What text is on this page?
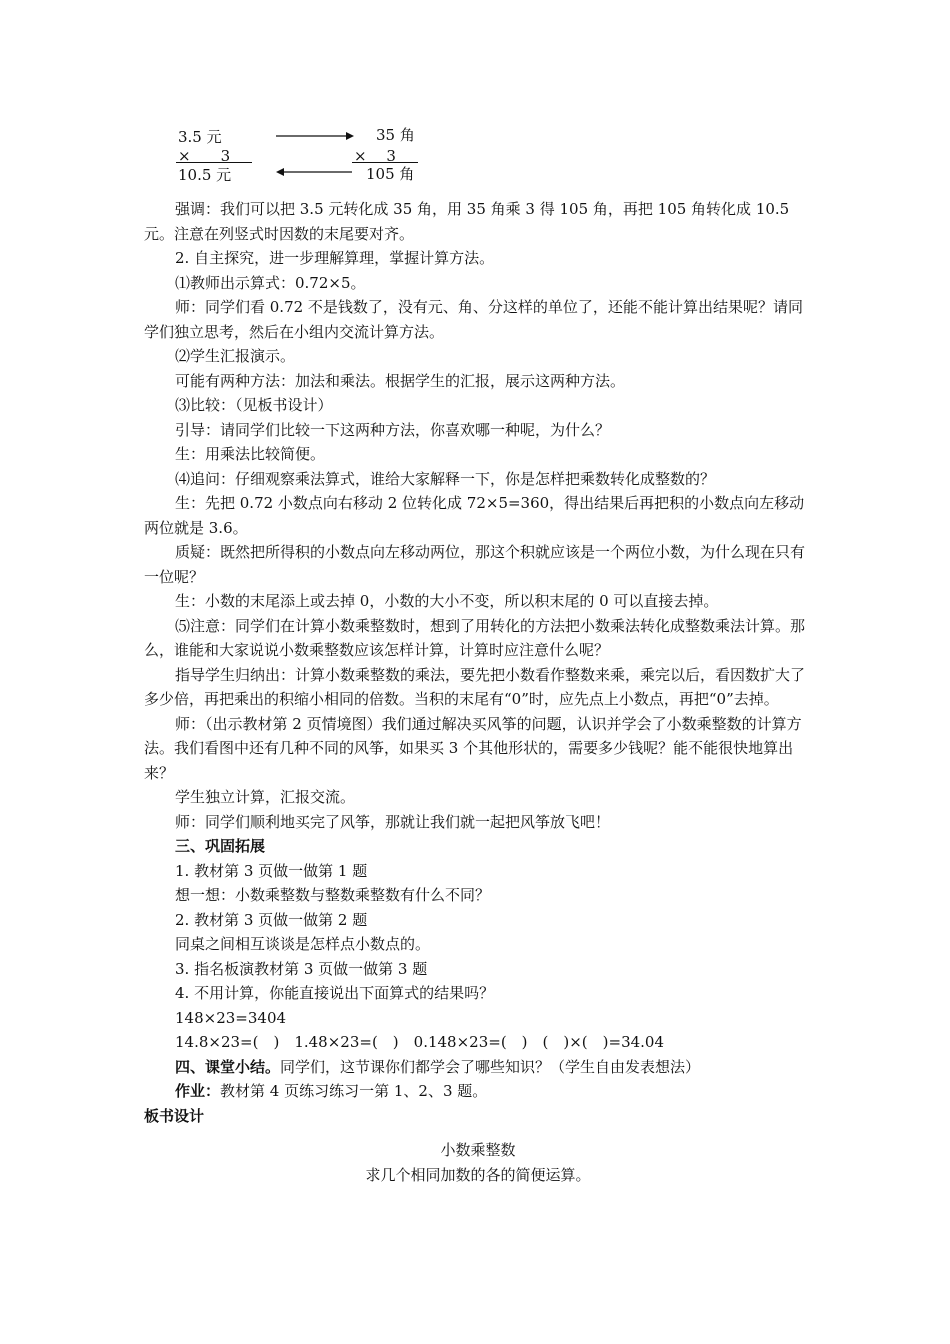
3.5 元
×　　3
10.5 元
35 角
×　 3
105 角

强调：我们可以把 3.5 元转化成 35 角，用 35 角乘 3 得 105 角，再把 105 角转化成 10.5 元。注意在列竖式时因数的末尾要对齐。

2. 自主探究，进一步理解算理，掌握计算方法。

⑴教师出示算式：0.72×5。

师：同学们看 0.72 不是钱数了，没有元、角、分这样的单位了，还能不能计算出结果呢？请同学们独立思考，然后在小组内交流计算方法。

⑵学生汇报演示。

可能有两种方法：加法和乘法。根据学生的汇报，展示这两种方法。

⑶比较：（见板书设计）

引导：请同学们比较一下这两种方法，你喜欢哪一种呢，为什么？

生：用乘法比较简便。

⑷追问：仔细观察乘法算式，谁给大家解释一下，你是怎样把乘数转化成整数的？

生：先把 0.72 小数点向右移动 2 位转化成 72×5=360，得出结果后再把积的小数点向左移动两位就是 3.6。

质疑：既然把所得积的小数点向左移动两位，那这个积就应该是一个两位小数，为什么现在只有一位呢？

生：小数的末尾添上或去掉 0，小数的大小不变，所以积末尾的 0 可以直接去掉。

⑸注意：同学们在计算小数乘整数时，想到了用转化的方法把小数乘法转化成整数乘法计算。那么，谁能和大家说说小数乘整数应该怎样计算，计算时应注意什么呢？

指导学生归纳出：计算小数乘整数的乘法，要先把小数看作整数来乘，乘完以后，看因数扩大了多少倍，再把乘出的积缩小相同的倍数。当积的末尾有“0”时，应先点上小数点，再把“0”去掉。

师：（出示教材第 2 页情境图）我们通过解决买风筝的问题，认识并学会了小数乘整数的计算方法。我们看图中还有几种不同的风筝，如果买 3 个其他形状的，需要多少钱呢？能不能很快地算出来？

学生独立计算，汇报交流。

师：同学们顺利地买完了风筝，那就让我们就一起把风筝放飞吧！

三、巩固拓展

1. 教材第 3 页做一做第 1 题

想一想：小数乘整数与整数乘整数有什么不同？

2. 教材第 3 页做一做第 2 题

同桌之间相互谈谈是怎样点小数点的。

3. 指名板演教材第 3 页做一做第 3 题

4. 不用计算，你能直接说出下面算式的结果吗？

148×23=3404

14.8×23=(　)　1.48×23=(　)　0.148×23=(　)　(　)×(　)=34.04

四、课堂小结。同学们，这节课你们都学会了哪些知识？（学生自由发表想法）

作业：教材第 4 页练习练习一第 1、2、3 题。

板书设计

小数乘整数

求几个相同加数的各的简便运算。
